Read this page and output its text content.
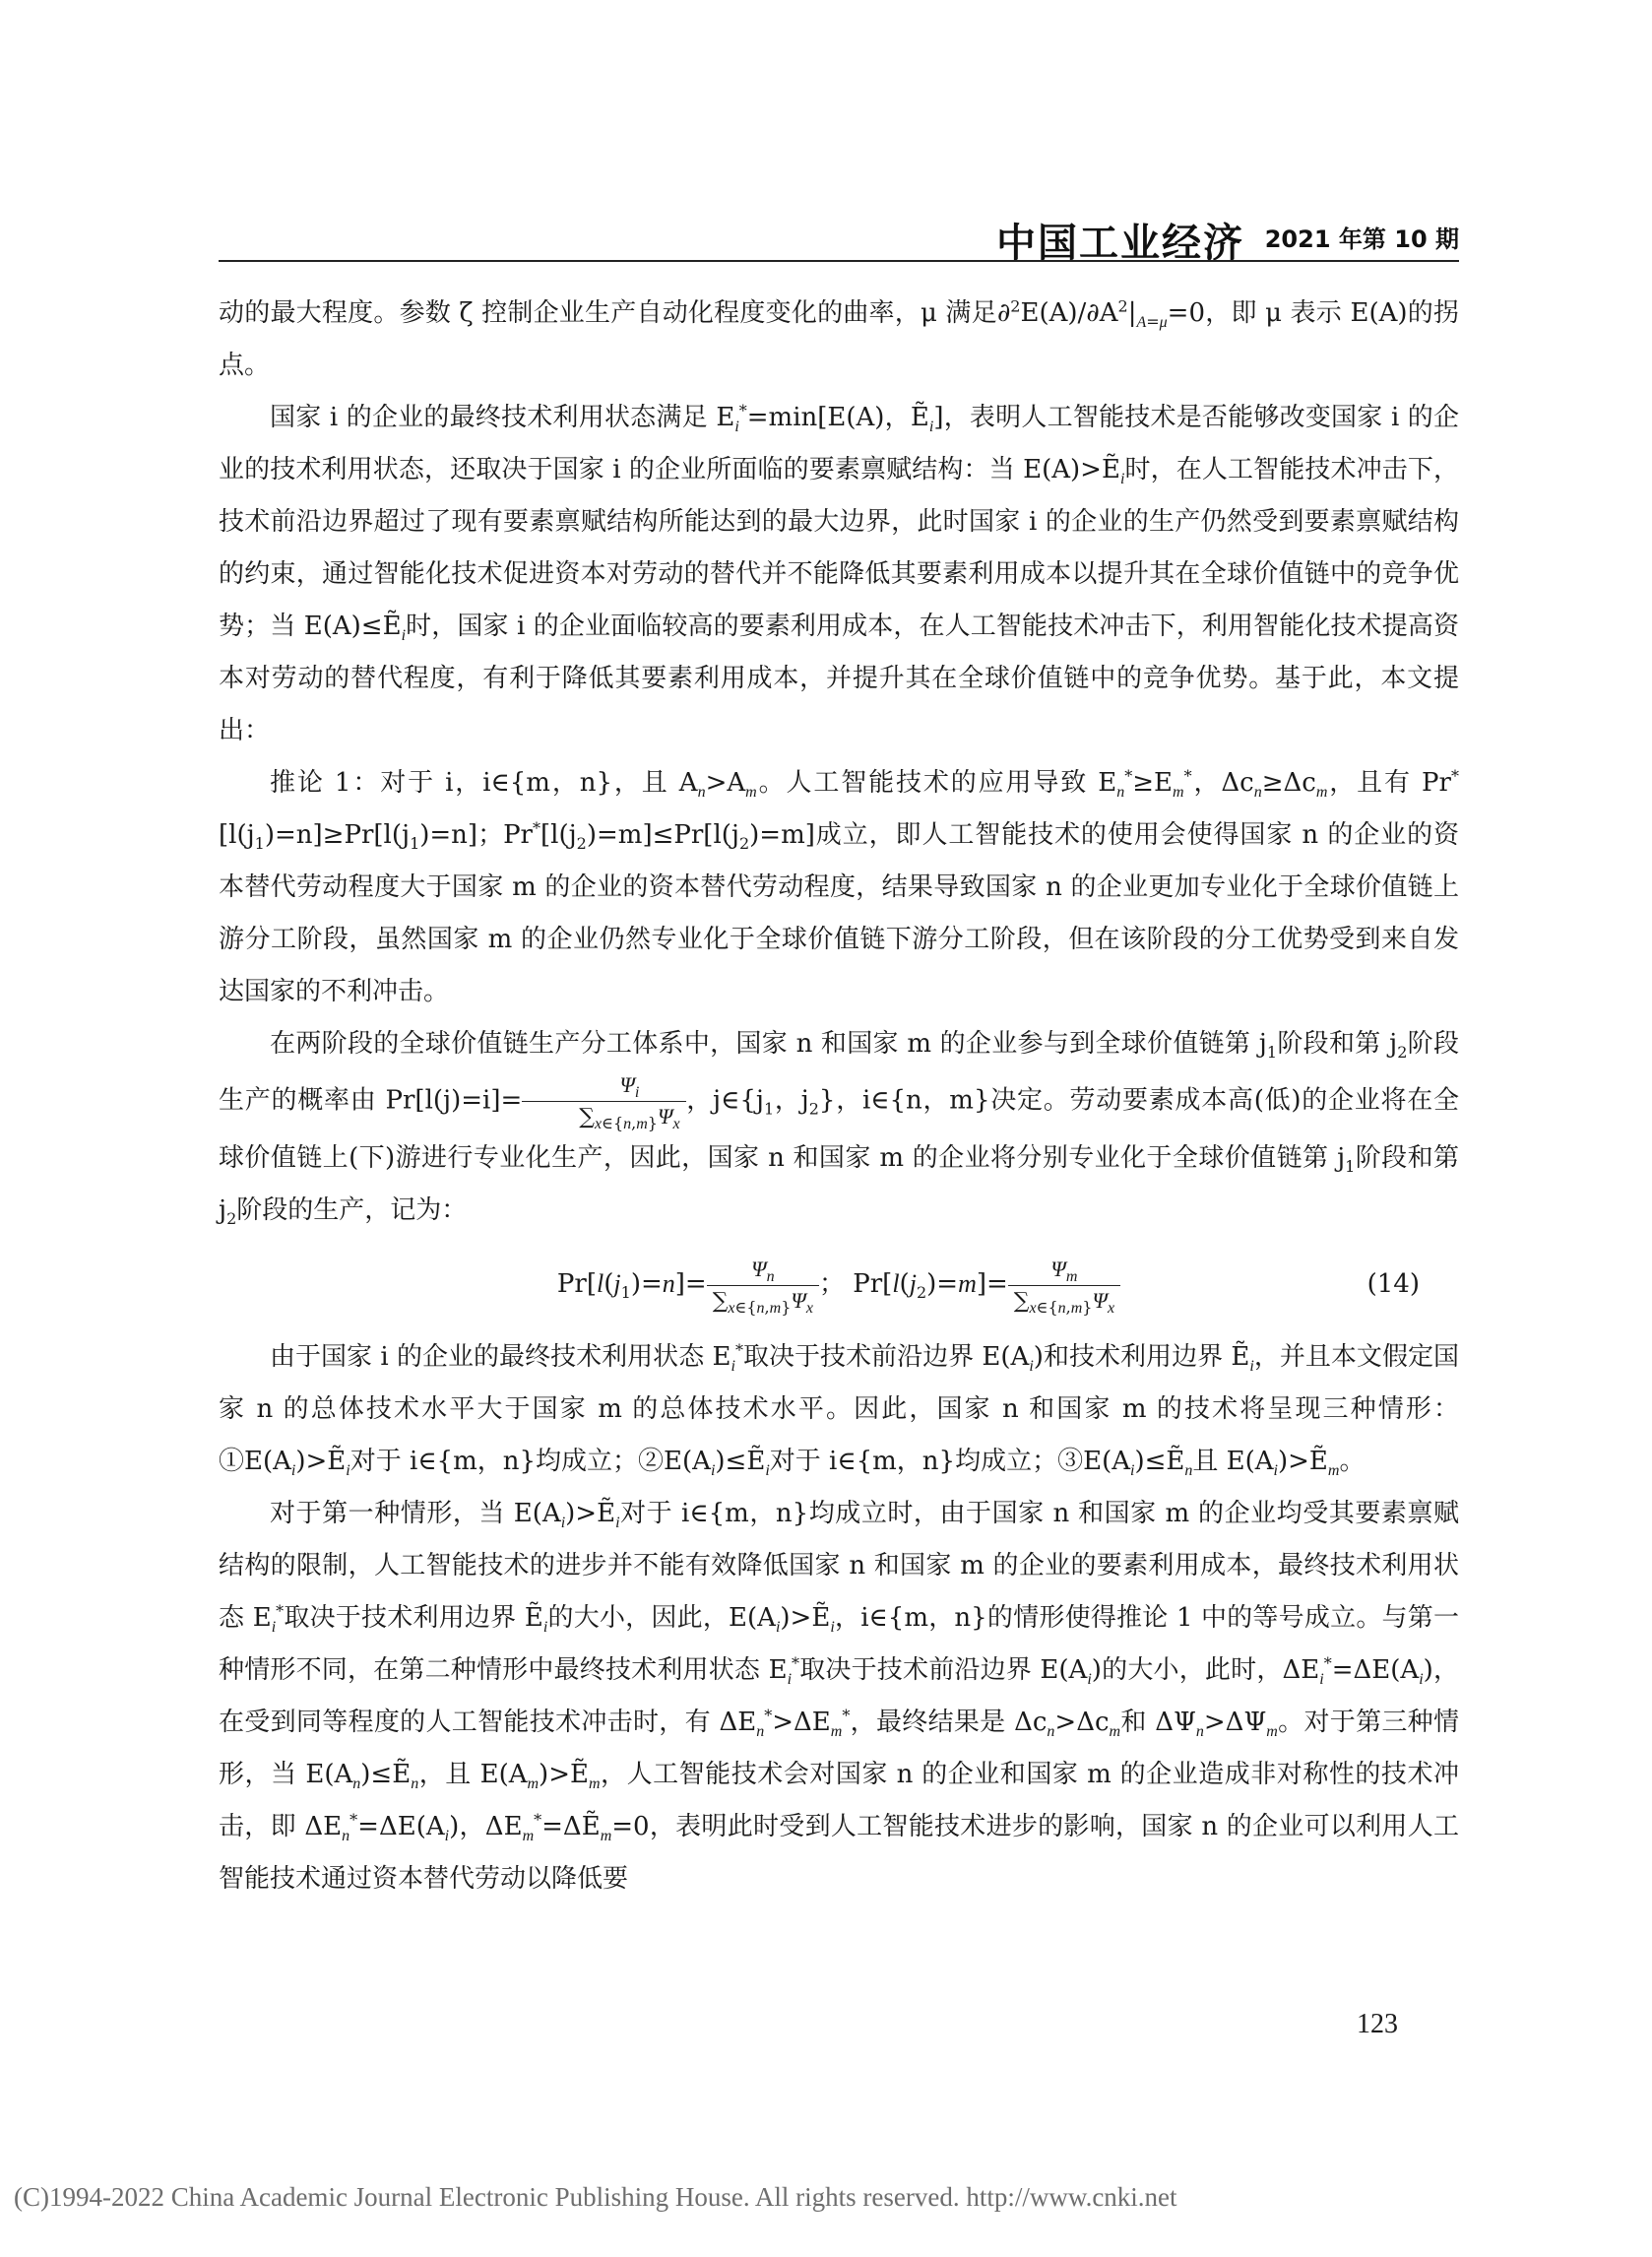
中国工业经济 2021 年第 10 期

动的最大程度。参数 ζ 控制企业生产自动化程度变化的曲率，μ 满足$\partial^2E(A)/\partial A^2|_{A=\mu}=0$，即 μ 表示 E(A)的拐点。

国家 i 的企业的最终技术利用状态满足 $E_i^*=\min[E(A)$，Ẽ$_i$]，表明人工智能技术是否能够改变国家 i 的企业的技术利用状态，还取决于国家 i 的企业所面临的要素禀赋结构：当 E(A)>Ẽ$_i$时，在人工智能技术冲击下，技术前沿边界超过了现有要素禀赋结构所能达到的最大边界，此时国家 i 的企业的生产仍然受到要素禀赋结构的约束，通过智能化技术促进资本对劳动的替代并不能降低其要素利用成本以提升其在全球价值链中的竞争优势；当 E(A)≤Ẽ$_i$时，国家 i 的企业面临较高的要素利用成本，在人工智能技术冲击下，利用智能化技术提高资本对劳动的替代程度，有利于降低其要素利用成本，并提升其在全球价值链中的竞争优势。基于此，本文提出：

推论 1：对于 i，i∈{m，n}，且 $A_n>A_m$。人工智能技术的应用导致 $E_n^*\ge E_m^*$，$\Delta c_n\ge\Delta c_m$，且有 $Pr^*[l(j_1)=n]\ge Pr[l(j_1)=n]$；$Pr^*[l(j_2)=m]\le Pr[l(j_2)=m]$成立，即人工智能技术的使用会使得国家 n 的企业的资本替代劳动程度大于国家 m 的企业的资本替代劳动程度，结果导致国家 n 的企业更加专业化于全球价值链上游分工阶段，虽然国家 m 的企业仍然专业化于全球价值链下游分工阶段，但在该阶段的分工优势受到来自发达国家的不利冲击。

在两阶段的全球价值链生产分工体系中，国家 n 和国家 m 的企业参与到全球价值链第 $j_1$阶段和第 $j_2$阶段生产的概率由 $Pr[l(j)=i]= \frac{\Psi_i}{\sum_{x\in\{n,m\}}\Psi_x}$ ，$j\in\{j_1$，$j_2$}，i∈{n，m}决定。劳动要素成本高(低)的企业将在全球价值链上(下)游进行专业化生产，因此，国家 n 和国家 m 的企业将分别专业化于全球价值链第 $j_1$阶段和第 $j_2$阶段的生产，记为：

$Pr[l(j_1)=n]= \frac{\Psi_n}{\sum_{x\in\{n,m\}}\Psi_x}$ ； $Pr[l(j_2)=m]= \frac{\Psi_m}{\sum_{x\in\{n,m\}}\Psi_x}$	(14)

由于国家 i 的企业的最终技术利用状态 $E_i^*$取决于技术前沿边界 $E(A_i)$和技术利用边界 Ẽ$_i$，并且本文假定国家 n 的总体技术水平大于国家 m 的总体技术水平。因此，国家 n 和国家 m 的技术将呈现三种情形：$①E(A_i)>Ẽ_i$对于 i∈{m，n}均成立；$②E(A_i)\le Ẽ_i$对于 i∈{m，n}均成立；$③E(A_i)\le Ẽ_n$且 $E(A_i)>Ẽ_m$。

对于第一种情形，当 $E(A_i)>Ẽ_i$对于 i∈{m，n}均成立时，由于国家 n 和国家 m 的企业均受其要素禀赋结构的限制，人工智能技术的进步并不能有效降低国家 n 和国家 m 的企业的要素利用成本，最终技术利用状态 $E_i^*$取决于技术利用边界 Ẽ$_i$的大小，因此，$E(A_i)>Ẽ_i$，i∈{m，n}的情形使得推论 1 中的等号成立。与第一种情形不同，在第二种情形中最终技术利用状态 $E_i^*$取决于技术前沿边界 $E(A_i)$的大小，此时，$\Delta E_i^*=\Delta E(A_i)$，在受到同等程度的人工智能技术冲击时，有 $\Delta E_n^*>\Delta E_m^*$，最终结果是 $\Delta c_n>\Delta c_m$和 $\Delta\Psi_n>\Delta\Psi_m$。对于第三种情形，当 $E(A_n)\le Ẽ_n$，且 $E(A_m)>Ẽ_m$，人工智能技术会对国家 n 的企业和国家 m 的企业造成非对称性的技术冲击，即 $\Delta E_n^*=\Delta E(A_i)$，$\Delta E_m^*=\Delta Ẽ_m=0$，表明此时受到人工智能技术进步的影响，国家 n 的企业可以利用人工智能技术通过资本替代劳动以降低要

123
(C)1994-2022 China Academic Journal Electronic Publishing House. All rights reserved. http://www.cnki.net
